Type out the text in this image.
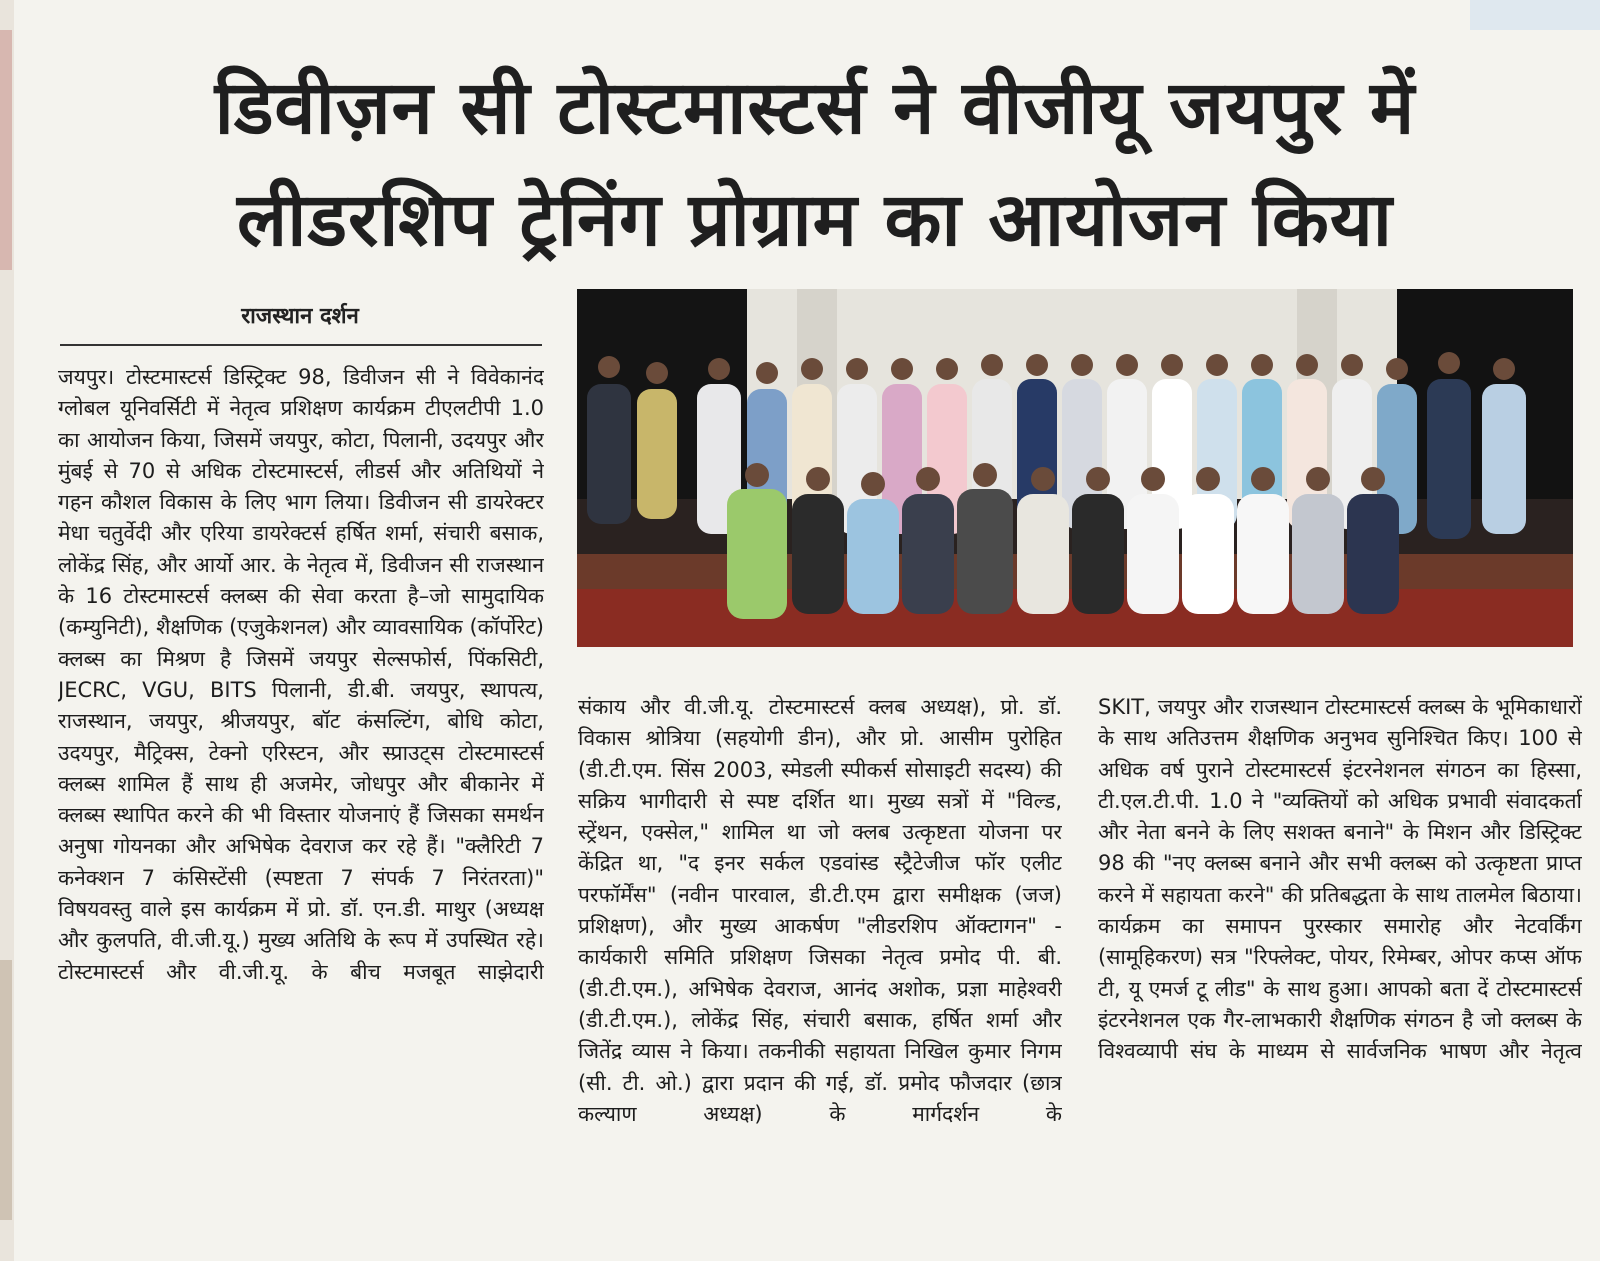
डिवीज़न सी टोस्टमास्टर्स ने वीजीयू जयपुर में
लीडरशिप ट्रेनिंग प्रोग्राम का आयोजन किया
राजस्थान दर्शन

जयपुर। टोस्टमास्टर्स डिस्ट्रिक्ट 98, डिवीजन सी ने विवेकानंद ग्लोबल यूनिवर्सिटी में नेतृत्व प्रशिक्षण कार्यक्रम टीएलटीपी 1.0 का आयोजन किया, जिसमें जयपुर, कोटा, पिलानी, उदयपुर और मुंबई से 70 से अधिक टोस्टमास्टर्स, लीडर्स और अतिथियों ने गहन कौशल विकास के लिए भाग लिया। डिवीजन सी डायरेक्टर मेधा चतुर्वेदी और एरिया डायरेक्टर्स हर्षित शर्मा, संचारी बसाक, लोकेंद्र सिंह, और आर्यो आर. के नेतृत्व में, डिवीजन सी राजस्थान के 16 टोस्टमास्टर्स क्लब्स की सेवा करता है–जो सामुदायिक (कम्युनिटी), शैक्षणिक (एजुकेशनल) और व्यावसायिक (कॉर्पोरेट) क्लब्स का मिश्रण है जिसमें जयपुर सेल्सफोर्स, पिंकसिटी, JECRC, VGU, BITS पिलानी, डी.बी. जयपुर, स्थापत्य, राजस्थान, जयपुर, श्रीजयपुर, बॉट कंसल्टिंग, बोधि कोटा, उदयपुर, मैट्रिक्स, टेक्नो एरिस्टन, और स्प्राउट्स टोस्टमास्टर्स क्लब्स शामिल हैं साथ ही अजमेर, जोधपुर और बीकानेर में क्लब्स स्थापित करने की भी विस्तार योजनाएं हैं जिसका समर्थन अनुषा गोयनका और अभिषेक देवराज कर रहे हैं। "क्लैरिटी 7 कनेक्शन 7 कंसिस्टेंसी (स्पष्टता 7 संपर्क 7 निरंतरता)" विषयवस्तु वाले इस कार्यक्रम में प्रो. डॉ. एन.डी. माथुर (अध्यक्ष और कुलपति, वी.जी.यू.) मुख्य अतिथि के रूप में उपस्थित रहे। टोस्टमास्टर्स और वी.जी.यू. के बीच मजबूत साझेदारी

संकाय और वी.जी.यू. टोस्टमास्टर्स क्लब अध्यक्ष), प्रो. डॉ. विकास श्रोत्रिया (सहयोगी डीन), और प्रो. आसीम पुरोहित (डी.टी.एम. सिंस 2003, स्मेडली स्पीकर्स सोसाइटी सदस्य) की सक्रिय भागीदारी से स्पष्ट दर्शित था। मुख्य सत्रों में "विल्ड, स्ट्रेंथन, एक्सेल," शामिल था जो क्लब उत्कृष्टता योजना पर केंद्रित था, "द इनर सर्कल एडवांस्ड स्ट्रैटेजीज फॉर एलीट परफॉर्मेंस" (नवीन पारवाल, डी.टी.एम द्वारा समीक्षक (जज) प्रशिक्षण), और मुख्य आकर्षण "लीडरशिप ऑक्टागन" - कार्यकारी समिति प्रशिक्षण जिसका नेतृत्व प्रमोद पी. बी. (डी.टी.एम.), अभिषेक देवराज, आनंद अशोक, प्रज्ञा माहेश्वरी (डी.टी.एम.), लोकेंद्र सिंह, संचारी बसाक, हर्षित शर्मा और जितेंद्र व्यास ने किया। तकनीकी सहायता निखिल कुमार निगम (सी. टी. ओ.) द्वारा प्रदान की गई, डॉ. प्रमोद फौजदार (छात्र कल्याण अध्यक्ष) के मार्गदर्शन के

SKIT, जयपुर और राजस्थान टोस्टमास्टर्स क्लब्स के भूमिकाधारों के साथ अतिउत्तम शैक्षणिक अनुभव सुनिश्चित किए। 100 से अधिक वर्ष पुराने टोस्टमास्टर्स इंटरनेशनल संगठन का हिस्सा, टी.एल.टी.पी. 1.0 ने "व्यक्तियों को अधिक प्रभावी संवादकर्ता और नेता बनने के लिए सशक्त बनाने" के मिशन और डिस्ट्रिक्ट 98 की "नए क्लब्स बनाने और सभी क्लब्स को उत्कृष्टता प्राप्त करने में सहायता करने" की प्रतिबद्धता के साथ तालमेल बिठाया। कार्यक्रम का समापन पुरस्कार समारोह और नेटवर्किंग (सामूहिकरण) सत्र "रिफ्लेक्ट, पोयर, रिमेम्बर, ओपर कप्स ऑफ टी, यू एमर्ज टू लीड" के साथ हुआ। आपको बता दें टोस्टमास्टर्स इंटरनेशनल एक गैर-लाभकारी शैक्षणिक संगठन है जो क्लब्स के विश्वव्यापी संघ के माध्यम से सार्वजनिक भाषण और नेतृत्व
